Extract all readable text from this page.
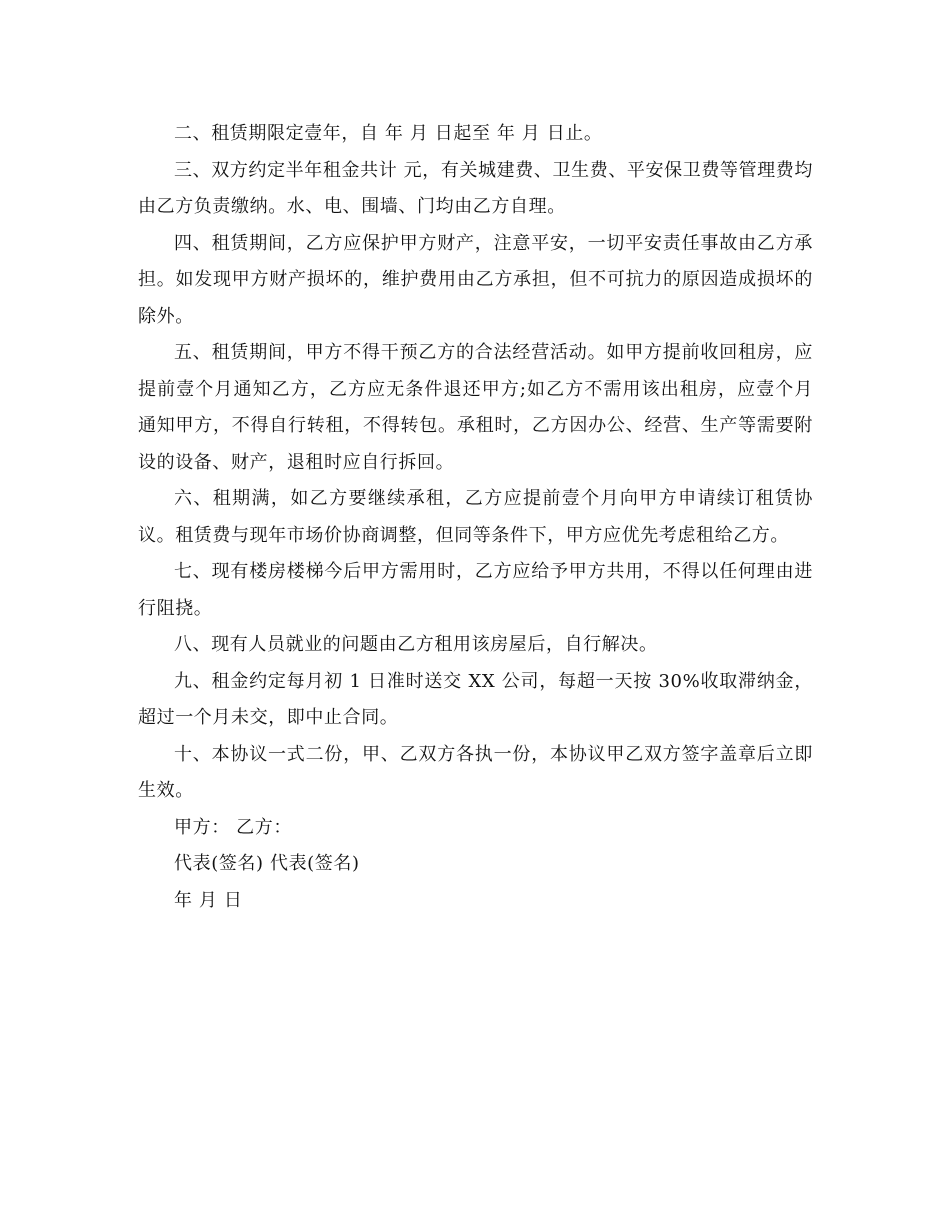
二、租赁期限定壹年，自 年 月 日起至 年 月 日止。

三、双方约定半年租金共计 元，有关城建费、卫生费、平安保卫费等管理费均由乙方负责缴纳。水、电、围墙、门均由乙方自理。

四、租赁期间，乙方应保护甲方财产，注意平安，一切平安责任事故由乙方承担。如发现甲方财产损坏的，维护费用由乙方承担，但不可抗力的原因造成损坏的除外。

五、租赁期间，甲方不得干预乙方的合法经营活动。如甲方提前收回租房，应提前壹个月通知乙方，乙方应无条件退还甲方;如乙方不需用该出租房，应壹个月通知甲方，不得自行转租，不得转包。承租时，乙方因办公、经营、生产等需要附设的设备、财产，退租时应自行拆回。

六、租期满，如乙方要继续承租，乙方应提前壹个月向甲方申请续订租赁协议。租赁费与现年市场价协商调整，但同等条件下，甲方应优先考虑租给乙方。

七、现有楼房楼梯今后甲方需用时，乙方应给予甲方共用，不得以任何理由进行阻挠。

八、现有人员就业的问题由乙方租用该房屋后，自行解决。

九、租金约定每月初 1 日准时送交 XX 公司，每超一天按 30%收取滞纳金，超过一个月未交，即中止合同。

十、本协议一式二份，甲、乙双方各执一份，本协议甲乙双方签字盖章后立即生效。

甲方： 乙方：

代表(签名) 代表(签名)

年 月 日
